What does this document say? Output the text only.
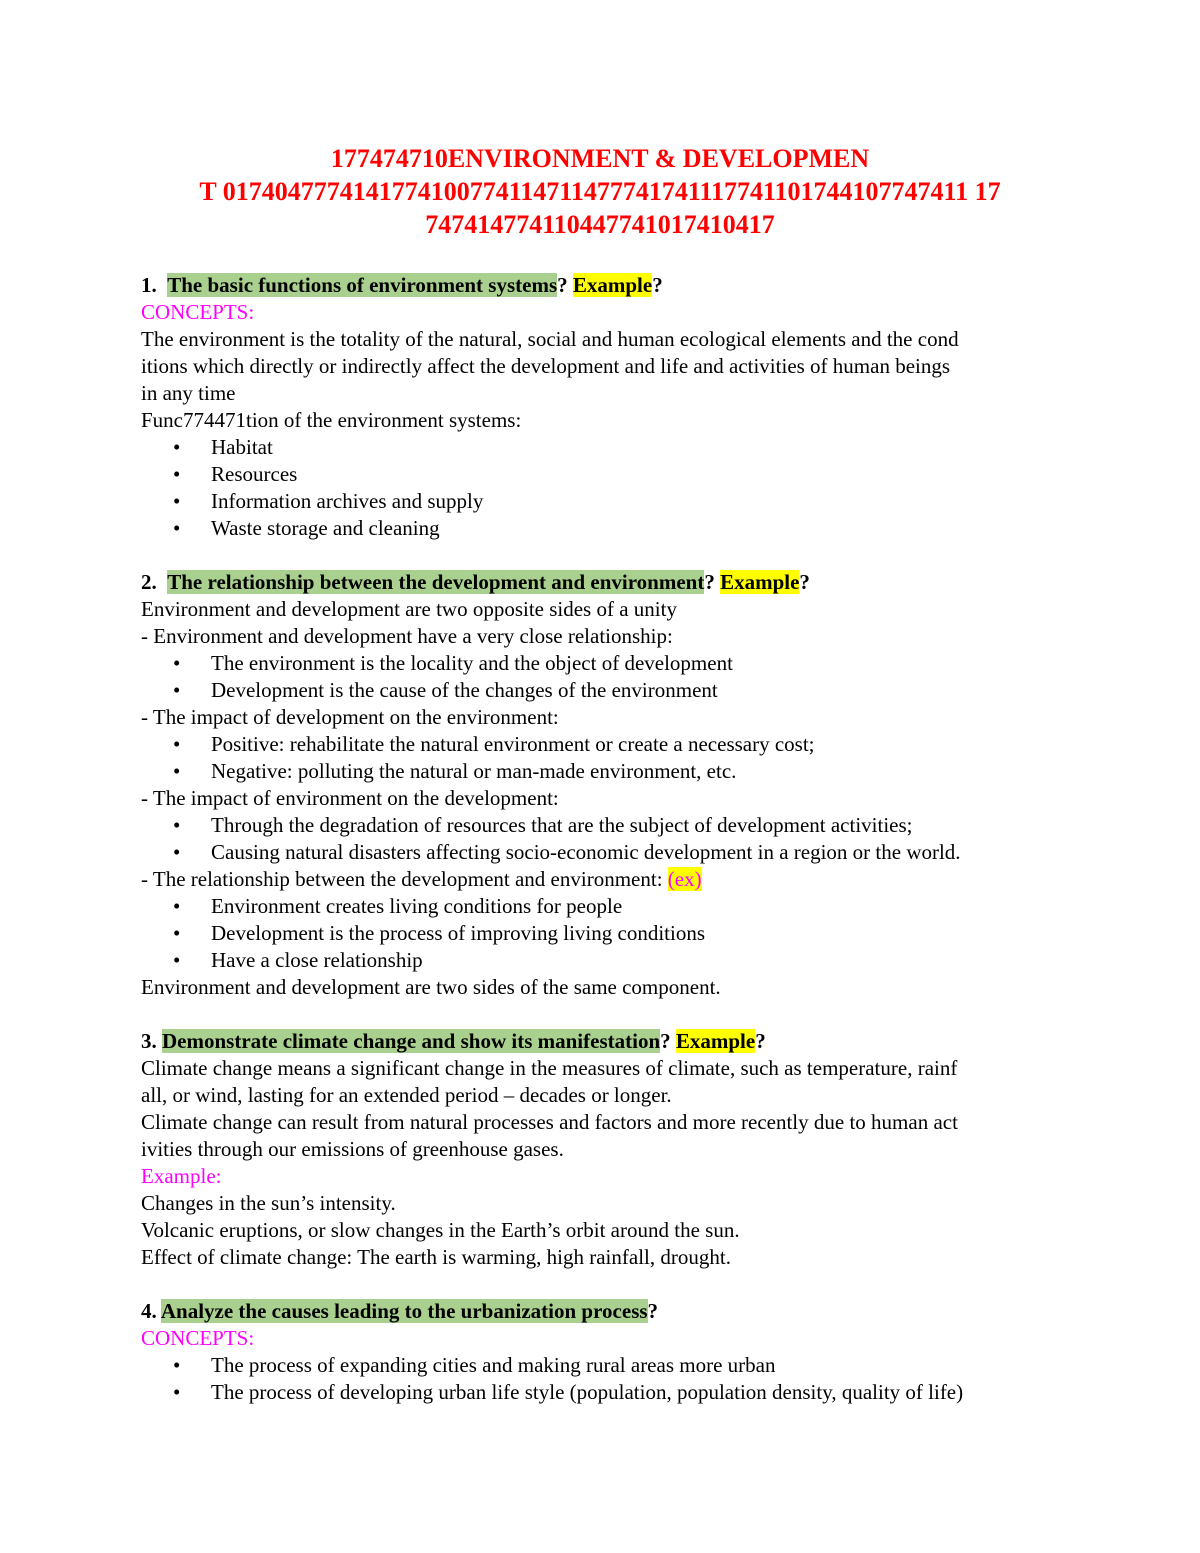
177474710ENVIRONMENT & DEVELOPMEN
T 0174047774141774100774114711477741741117741101744107747411 17
747414774110447741017410417
1. The basic functions of environment systems? Example?
CONCEPTS:
The environment is the totality of the natural, social and human ecological elements and the cond
itions which directly or indirectly affect the development and life and activities of human beings
in any time
Func774471tion of the environment systems:
• Habitat
• Resources
• Information archives and supply
• Waste storage and cleaning
2. The relationship between the development and environment? Example?
Environment and development are two opposite sides of a unity
- Environment and development have a very close relationship:
• The environment is the locality and the object of development
• Development is the cause of the changes of the environment
- The impact of development on the environment:
• Positive: rehabilitate the natural environment or create a necessary cost;
• Negative: polluting the natural or man-made environment, etc.
- The impact of environment on the development:
• Through the degradation of resources that are the subject of development activities;
• Causing natural disasters affecting socio-economic development in a region or the world.
- The relationship between the development and environment: (ex)
• Environment creates living conditions for people
• Development is the process of improving living conditions
• Have a close relationship
Environment and development are two sides of the same component.
3. Demonstrate climate change and show its manifestation? Example?
Climate change means a significant change in the measures of climate, such as temperature, rainf
all, or wind, lasting for an extended period – decades or longer.
Climate change can result from natural processes and factors and more recently due to human act
ivities through our emissions of greenhouse gases.
Example:
Changes in the sun’s intensity.
Volcanic eruptions, or slow changes in the Earth’s orbit around the sun.
Effect of climate change: The earth is warming, high rainfall, drought.
4. Analyze the causes leading to the urbanization process?
CONCEPTS:
• The process of expanding cities and making rural areas more urban
• The process of developing urban life style (population, population density, quality of life)
